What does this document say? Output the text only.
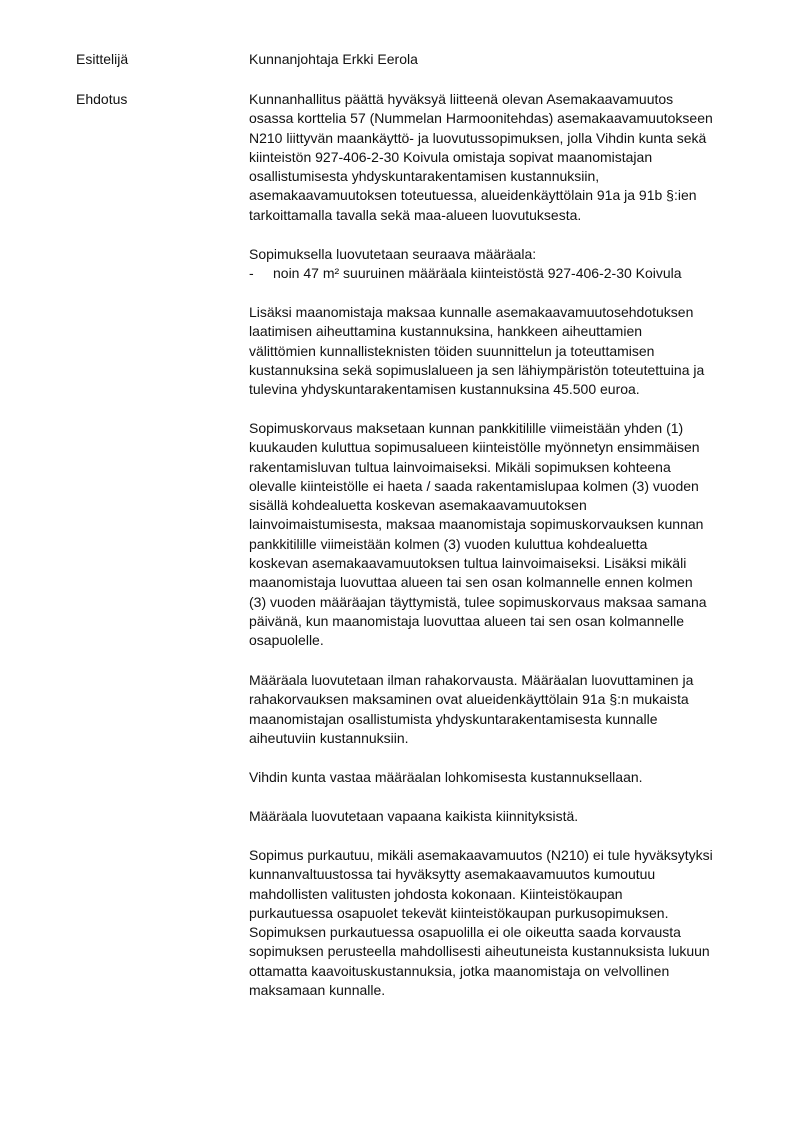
Esittelijä	Kunnanjohtaja Erkki Eerola
Ehdotus	Kunnanhallitus päättä hyväksyä liitteenä olevan Asemakaavamuutos
osassa korttelia 57 (Nummelan Harmoonitehdas) asemakaavamuutokseen
N210 liittyvän maankäyttö- ja luovutussopimuksen, jolla Vihdin kunta sekä
kiinteistön 927-406-2-30 Koivula omistaja sopivat maanomistajan
osallistumisesta yhdyskuntarakentamisen kustannuksiin,
asemakaavamuutoksen toteutuessa, alueidenkäyttölain 91a ja 91b §:ien
tarkoittamalla tavalla sekä maa-alueen luovutuksesta.
Sopimuksella luovutetaan seuraava määräala:
- noin 47 m² suuruinen määräala kiinteistöstä 927-406-2-30 Koivula
Lisäksi maanomistaja maksaa kunnalle asemakaavamuutosehdotuksen
laatimisen aiheuttamina kustannuksina, hankkeen aiheuttamien
välittömien kunnallisteknisten töiden suunnittelun ja toteuttamisen
kustannuksina sekä sopimuslalueen ja sen lähiympäristön toteutettuina ja
tulevina yhdyskuntarakentamisen kustannuksina 45.500 euroa.
Sopimuskorvaus maksetaan kunnan pankkitilille viimeistään yhden (1)
kuukauden kuluttua sopimusalueen kiinteistölle myönnetyn ensimmäisen
rakentamisluvan tultua lainvoimaiseksi. Mikäli sopimuksen kohteena
olevalle kiinteistölle ei haeta / saada rakentamislupaa kolmen (3) vuoden
sisällä kohdealuetta koskevan asemakaavamuutoksen
lainvoimaistumisesta, maksaa maanomistaja sopimuskorvauksen kunnan
pankkitilille viimeistään kolmen (3) vuoden kuluttua kohdealuetta
koskevan asemakaavamuutoksen tultua lainvoimaiseksi. Lisäksi mikäli
maanomistaja luovuttaa alueen tai sen osan kolmannelle ennen kolmen
(3) vuoden määräajan täyttymistä, tulee sopimuskorvaus maksaa samana
päivänä, kun maanomistaja luovuttaa alueen tai sen osan kolmannelle
osapuolelle.
Määräala luovutetaan ilman rahakorvausta. Määräalan luovuttaminen ja
rahakorvauksen maksaminen ovat alueidenkäyttölain 91a §:n mukaista
maanomistajan osallistumista yhdyskuntarakentamisesta kunnalle
aiheutuviin kustannuksiin.
Vihdin kunta vastaa määräalan lohkomisesta kustannuksellaan.
Määräala luovutetaan vapaana kaikista kiinnityksistä.
Sopimus purkautuu, mikäli asemakaavamuutos (N210) ei tule hyväksytyksi
kunnanvaltuustossa tai hyväksytty asemakaavamuutos kumoutuu
mahdollisten valitusten johdosta kokonaan. Kiinteistökaupan
purkautuessa osapuolet tekevät kiinteistökaupan purkusopimuksen.
Sopimuksen purkautuessa osapuolilla ei ole oikeutta saada korvausta
sopimuksen perusteella mahdollisesti aiheutuneista kustannuksista lukuun
ottamatta kaavoituskustannuksia, jotka maanomistaja on velvollinen
maksamaan kunnalle.
